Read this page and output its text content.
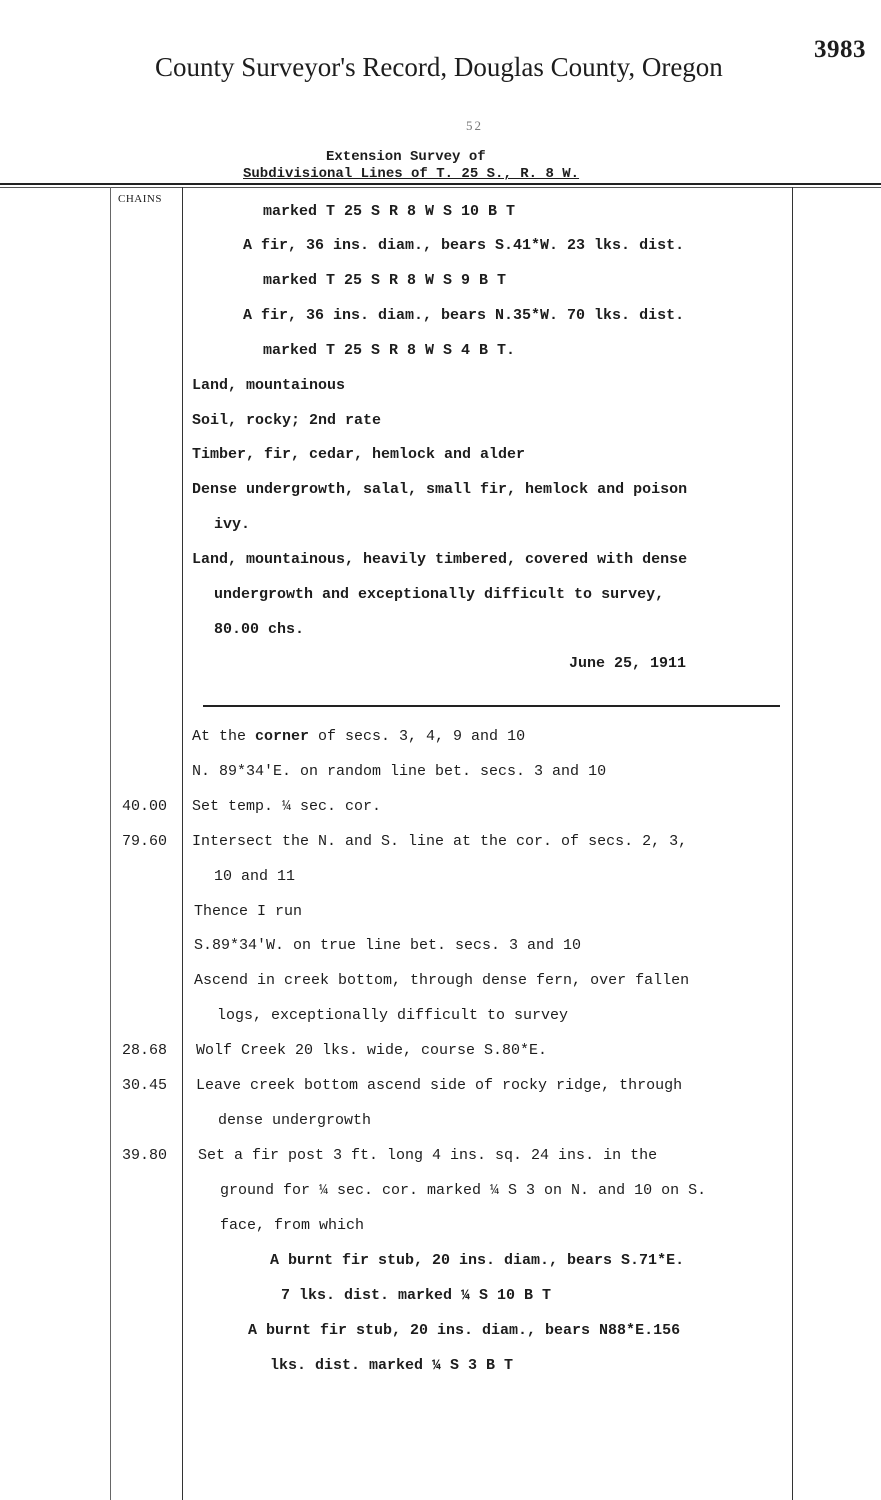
3983
County Surveyor's Record, Douglas County, Oregon
52
Extension Survey of
Subdivisional Lines of T. 25 S., R. 8 W.
CHAINS
marked T 25 S R 8 W S 10 B T
A fir, 36 ins. diam., bears S.41*W. 23 lks. dist.
marked T 25 S R 8 W S 9 B T
A fir, 36 ins. diam., bears N.35*W. 70 lks. dist.
marked T 25 S R 8 W S 4 B T.
Land, mountainous
Soil, rocky; 2nd rate
Timber, fir, cedar, hemlock and alder
Dense undergrowth, salal, small fir, hemlock and poison
ivy.
Land, mountainous, heavily timbered, covered with dense
undergrowth and exceptionally difficult to survey,
80.00 chs.
June 25, 1911
At the corner of secs. 3, 4, 9 and 10
N. 89*34'E. on random line bet. secs. 3 and 10
40.00 Set temp. ¼ sec. cor.
79.60 Intersect the N. and S. line at the cor. of secs. 2, 3,
10 and 11
Thence I run
S.89*34'W. on true line bet. secs. 3 and 10
Ascend in creek bottom, through dense fern, over fallen
logs, exceptionally difficult to survey
28.68 Wolf Creek 20 lks. wide, course S.80*E.
30.45 Leave creek bottom ascend side of rocky ridge, through
dense undergrowth
39.80 Set a fir post 3 ft. long 4 ins. sq. 24 ins. in the
ground for ¼ sec. cor. marked ¼ S 3 on N. and 10 on S.
face, from which
A burnt fir stub, 20 ins. diam., bears S.71*E.
7 lks. dist. marked ¼ S 10 B T
A burnt fir stub, 20 ins. diam., bears N88*E.156
lks. dist. marked ¼ S 3 B T
